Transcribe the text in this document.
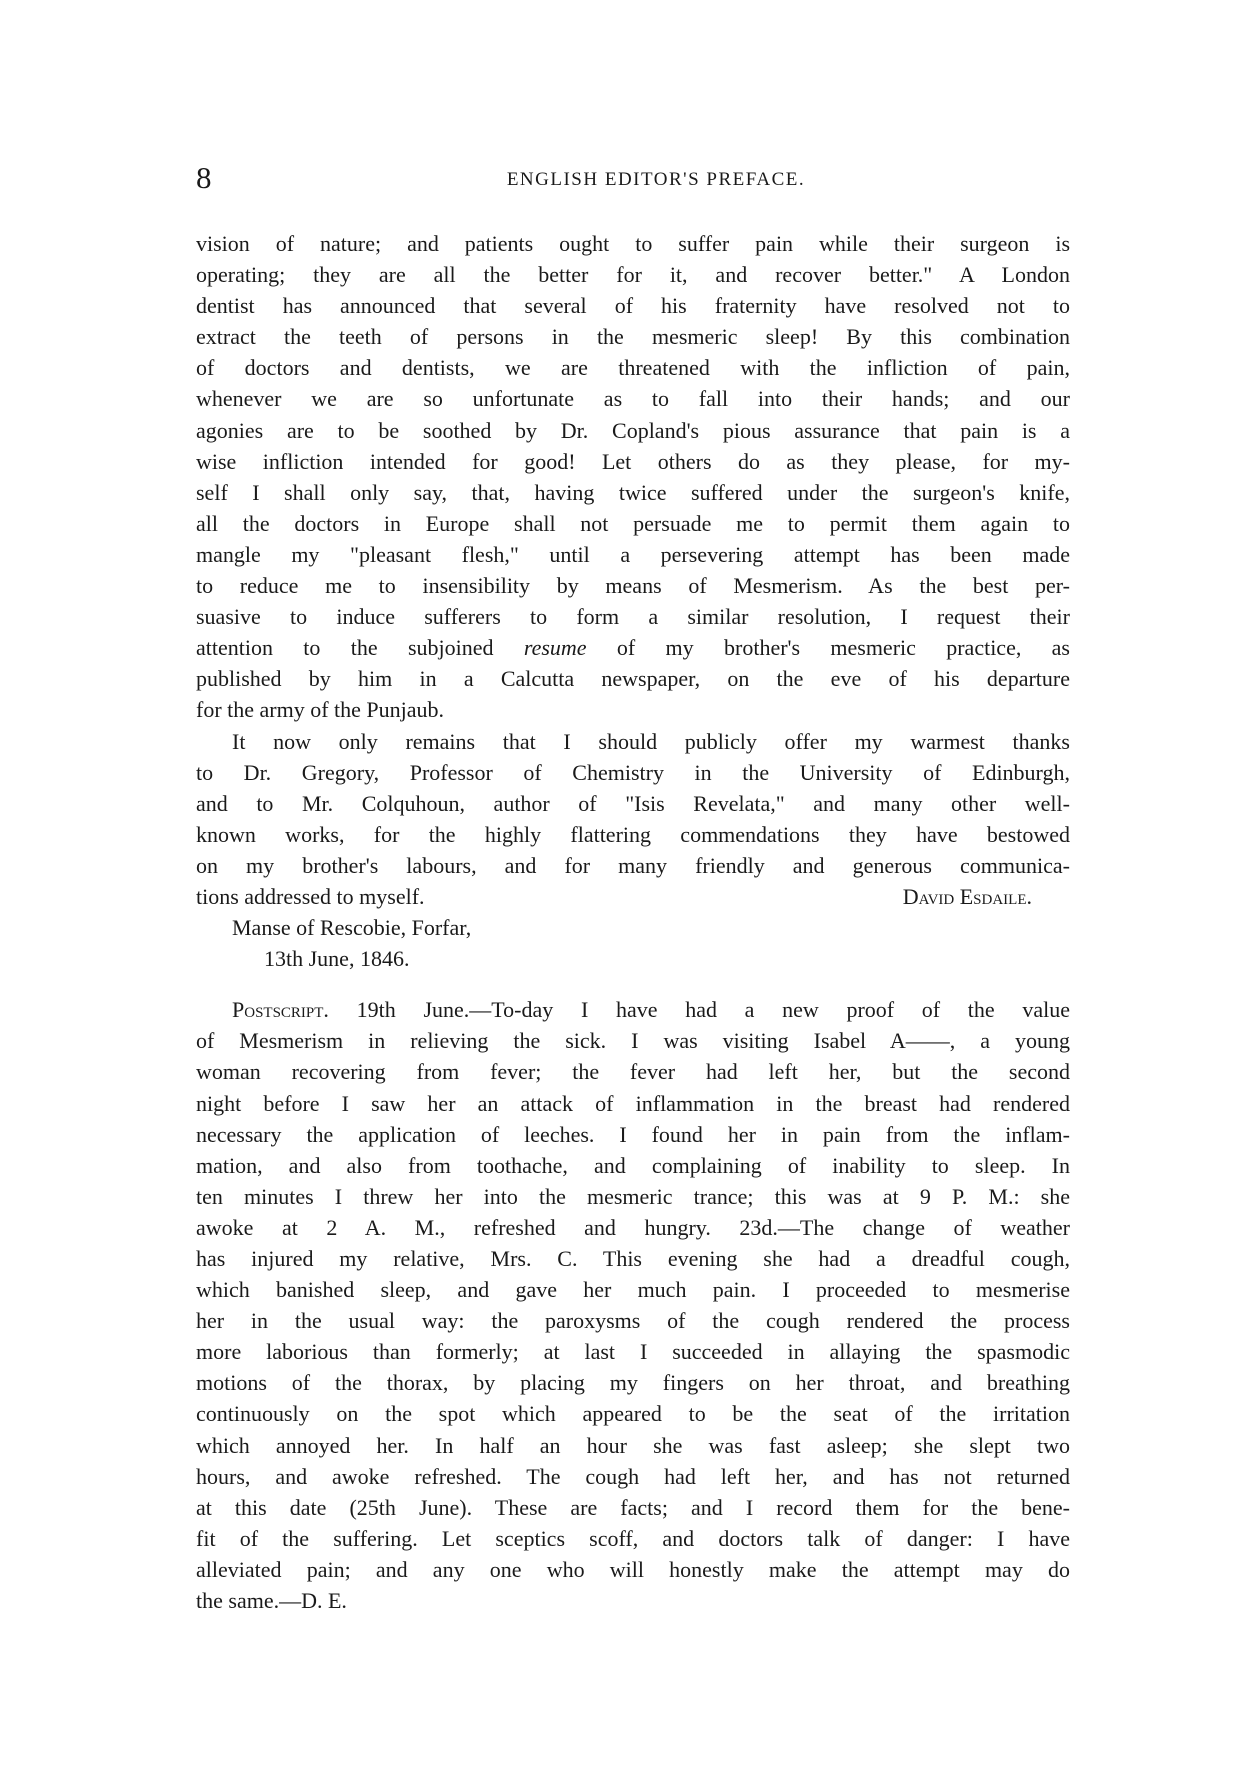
8	ENGLISH EDITOR'S PREFACE.
vision of nature; and patients ought to suffer pain while their surgeon is
operating; they are all the better for it, and recover better." A London
dentist has announced that several of his fraternity have resolved not to
extract the teeth of persons in the mesmeric sleep! By this combination
of doctors and dentists, we are threatened with the infliction of pain,
whenever we are so unfortunate as to fall into their hands; and our
agonies are to be soothed by Dr. Copland's pious assurance that pain is a
wise infliction intended for good! Let others do as they please, for my-
self I shall only say, that, having twice suffered under the surgeon's knife,
all the doctors in Europe shall not persuade me to permit them again to
mangle my "pleasant flesh," until a persevering attempt has been made
to reduce me to insensibility by means of Mesmerism. As the best per-
suasive to induce sufferers to form a similar resolution, I request their
attention to the subjoined resume of my brother's mesmeric practice, as
published by him in a Calcutta newspaper, on the eve of his departure
for the army of the Punjaub.
It now only remains that I should publicly offer my warmest thanks
to Dr. Gregory, Professor of Chemistry in the University of Edinburgh,
and to Mr. Colquhoun, author of "Isis Revelata," and many other well-
known works, for the highly flattering commendations they have bestowed
on my brother's labours, and for many friendly and generous communica-
tions addressed to myself.	David Esdaile.
Manse of Rescobie, Forfar,
13th June, 1846.
Postscript. 19th June.—To-day I have had a new proof of the value
of Mesmerism in relieving the sick. I was visiting Isabel A——, a young
woman recovering from fever; the fever had left her, but the second
night before I saw her an attack of inflammation in the breast had rendered
necessary the application of leeches. I found her in pain from the inflam-
mation, and also from toothache, and complaining of inability to sleep. In
ten minutes I threw her into the mesmeric trance; this was at 9 P. M.: she
awoke at 2 A. M., refreshed and hungry. 23d.—The change of weather
has injured my relative, Mrs. C. This evening she had a dreadful cough,
which banished sleep, and gave her much pain. I proceeded to mesmerise
her in the usual way: the paroxysms of the cough rendered the process
more laborious than formerly; at last I succeeded in allaying the spasmodic
motions of the thorax, by placing my fingers on her throat, and breathing
continuously on the spot which appeared to be the seat of the irritation
which annoyed her. In half an hour she was fast asleep; she slept two
hours, and awoke refreshed. The cough had left her, and has not returned
at this date (25th June). These are facts; and I record them for the bene-
fit of the suffering. Let sceptics scoff, and doctors talk of danger: I have
alleviated pain; and any one who will honestly make the attempt may do
the same.—D. E.
